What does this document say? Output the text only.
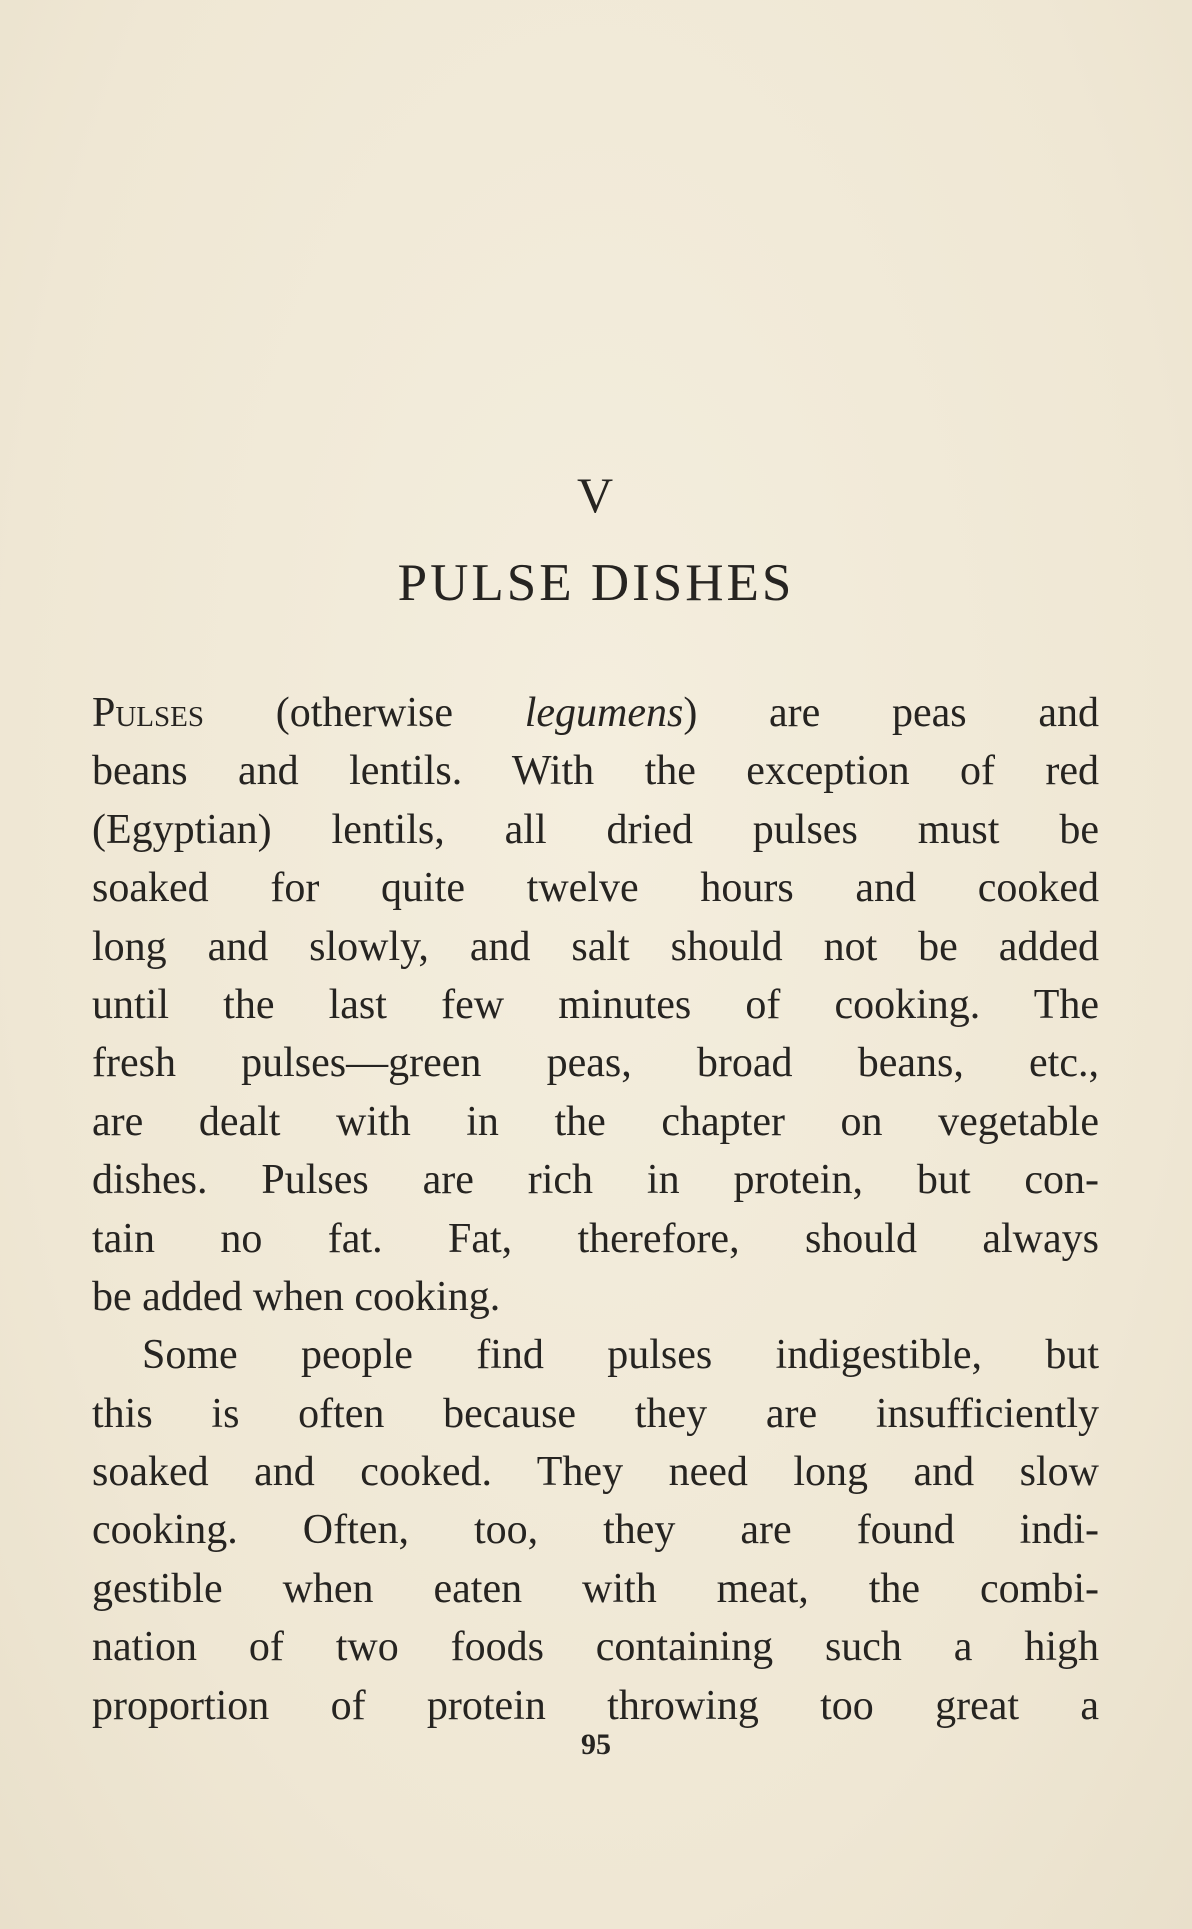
V
PULSE DISHES
Pulses (otherwise legumens) are peas and
beans and lentils. With the exception of red
(Egyptian) lentils, all dried pulses must be
soaked for quite twelve hours and cooked
long and slowly, and salt should not be added
until the last few minutes of cooking. The
fresh pulses—green peas, broad beans, etc.,
are dealt with in the chapter on vegetable
dishes. Pulses are rich in protein, but con-
tain no fat. Fat, therefore, should always
be added when cooking.
Some people find pulses indigestible, but
this is often because they are insufficiently
soaked and cooked. They need long and slow
cooking. Often, too, they are found indi-
gestible when eaten with meat, the combi-
nation of two foods containing such a high
proportion of protein throwing too great a
95
